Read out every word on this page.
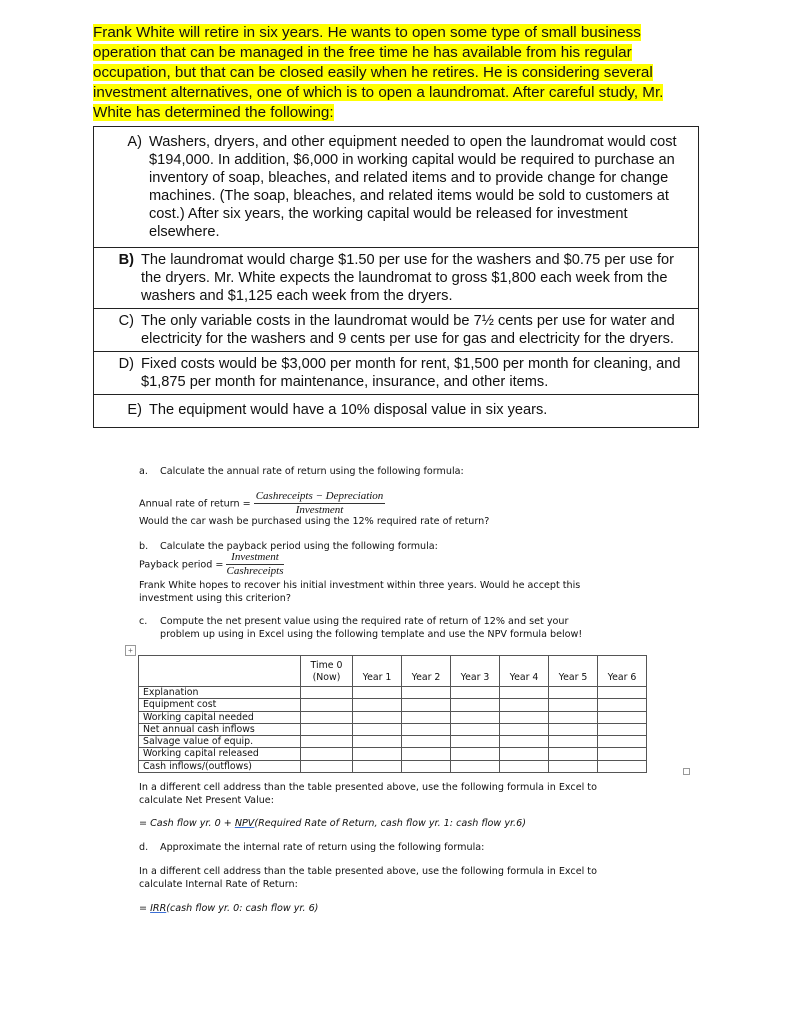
Frank White will retire in six years. He wants to open some type of small business
operation that can be managed in the free time he has available from his regular
occupation, but that can be closed easily when he retires. He is considering several
investment alternatives, one of which is to open a laundromat. After careful study, Mr.
White has determined the following:
A) Washers, dryers, and other equipment needed to open the laundromat would cost $194,000. In addition, $6,000 in working capital would be required to purchase an inventory of soap, bleaches, and related items and to provide change for change machines. (The soap, bleaches, and related items would be sold to customers at cost.) After six years, the working capital would be released for investment elsewhere.
B) The laundromat would charge $1.50 per use for the washers and $0.75 per use for the dryers. Mr. White expects the laundromat to gross $1,800 each week from the washers and $1,125 each week from the dryers.
C) The only variable costs in the laundromat would be 7½ cents per use for water and electricity for the washers and 9 cents per use for gas and electricity for the dryers.
D) Fixed costs would be $3,000 per month for rent, $1,500 per month for cleaning, and $1,875 per month for maintenance, insurance, and other items.
E) The equipment would have a 10% disposal value in six years.
a. Calculate the annual rate of return using the following formula:
Annual rate of return = $\frac{\text{Cashreceipts − Depreciation}}{\text{Investment}}$
Would the car wash be purchased using the 12% required rate of return?
b. Calculate the payback period using the following formula:
Payback period = $\frac{\text{Investment}}{\text{Cashreceipts}}$
Frank White hopes to recover his initial investment within three years. Would he accept this
investment using this criterion?
c. Compute the net present value using the required rate of return of 12% and set your
problem up using in Excel using the following template and use the NPV formula below!
+
	Time 0
(Now)	Year 1	Year 2	Year 3	Year 4	Year 5	Year 6
Explanation							
Equipment cost							
Working capital needed							
Net annual cash inflows							
Salvage value of equip.							
Working capital released							
Cash inflows/(outflows)							
In a different cell address than the table presented above, use the following formula in Excel to
calculate Net Present Value:
= Cash flow yr. 0 + NPV(Required Rate of Return, cash flow yr. 1: cash flow yr.6)
d. Approximate the internal rate of return using the following formula:
In a different cell address than the table presented above, use the following formula in Excel to
calculate Internal Rate of Return:
= IRR(cash flow yr. 0: cash flow yr. 6)
